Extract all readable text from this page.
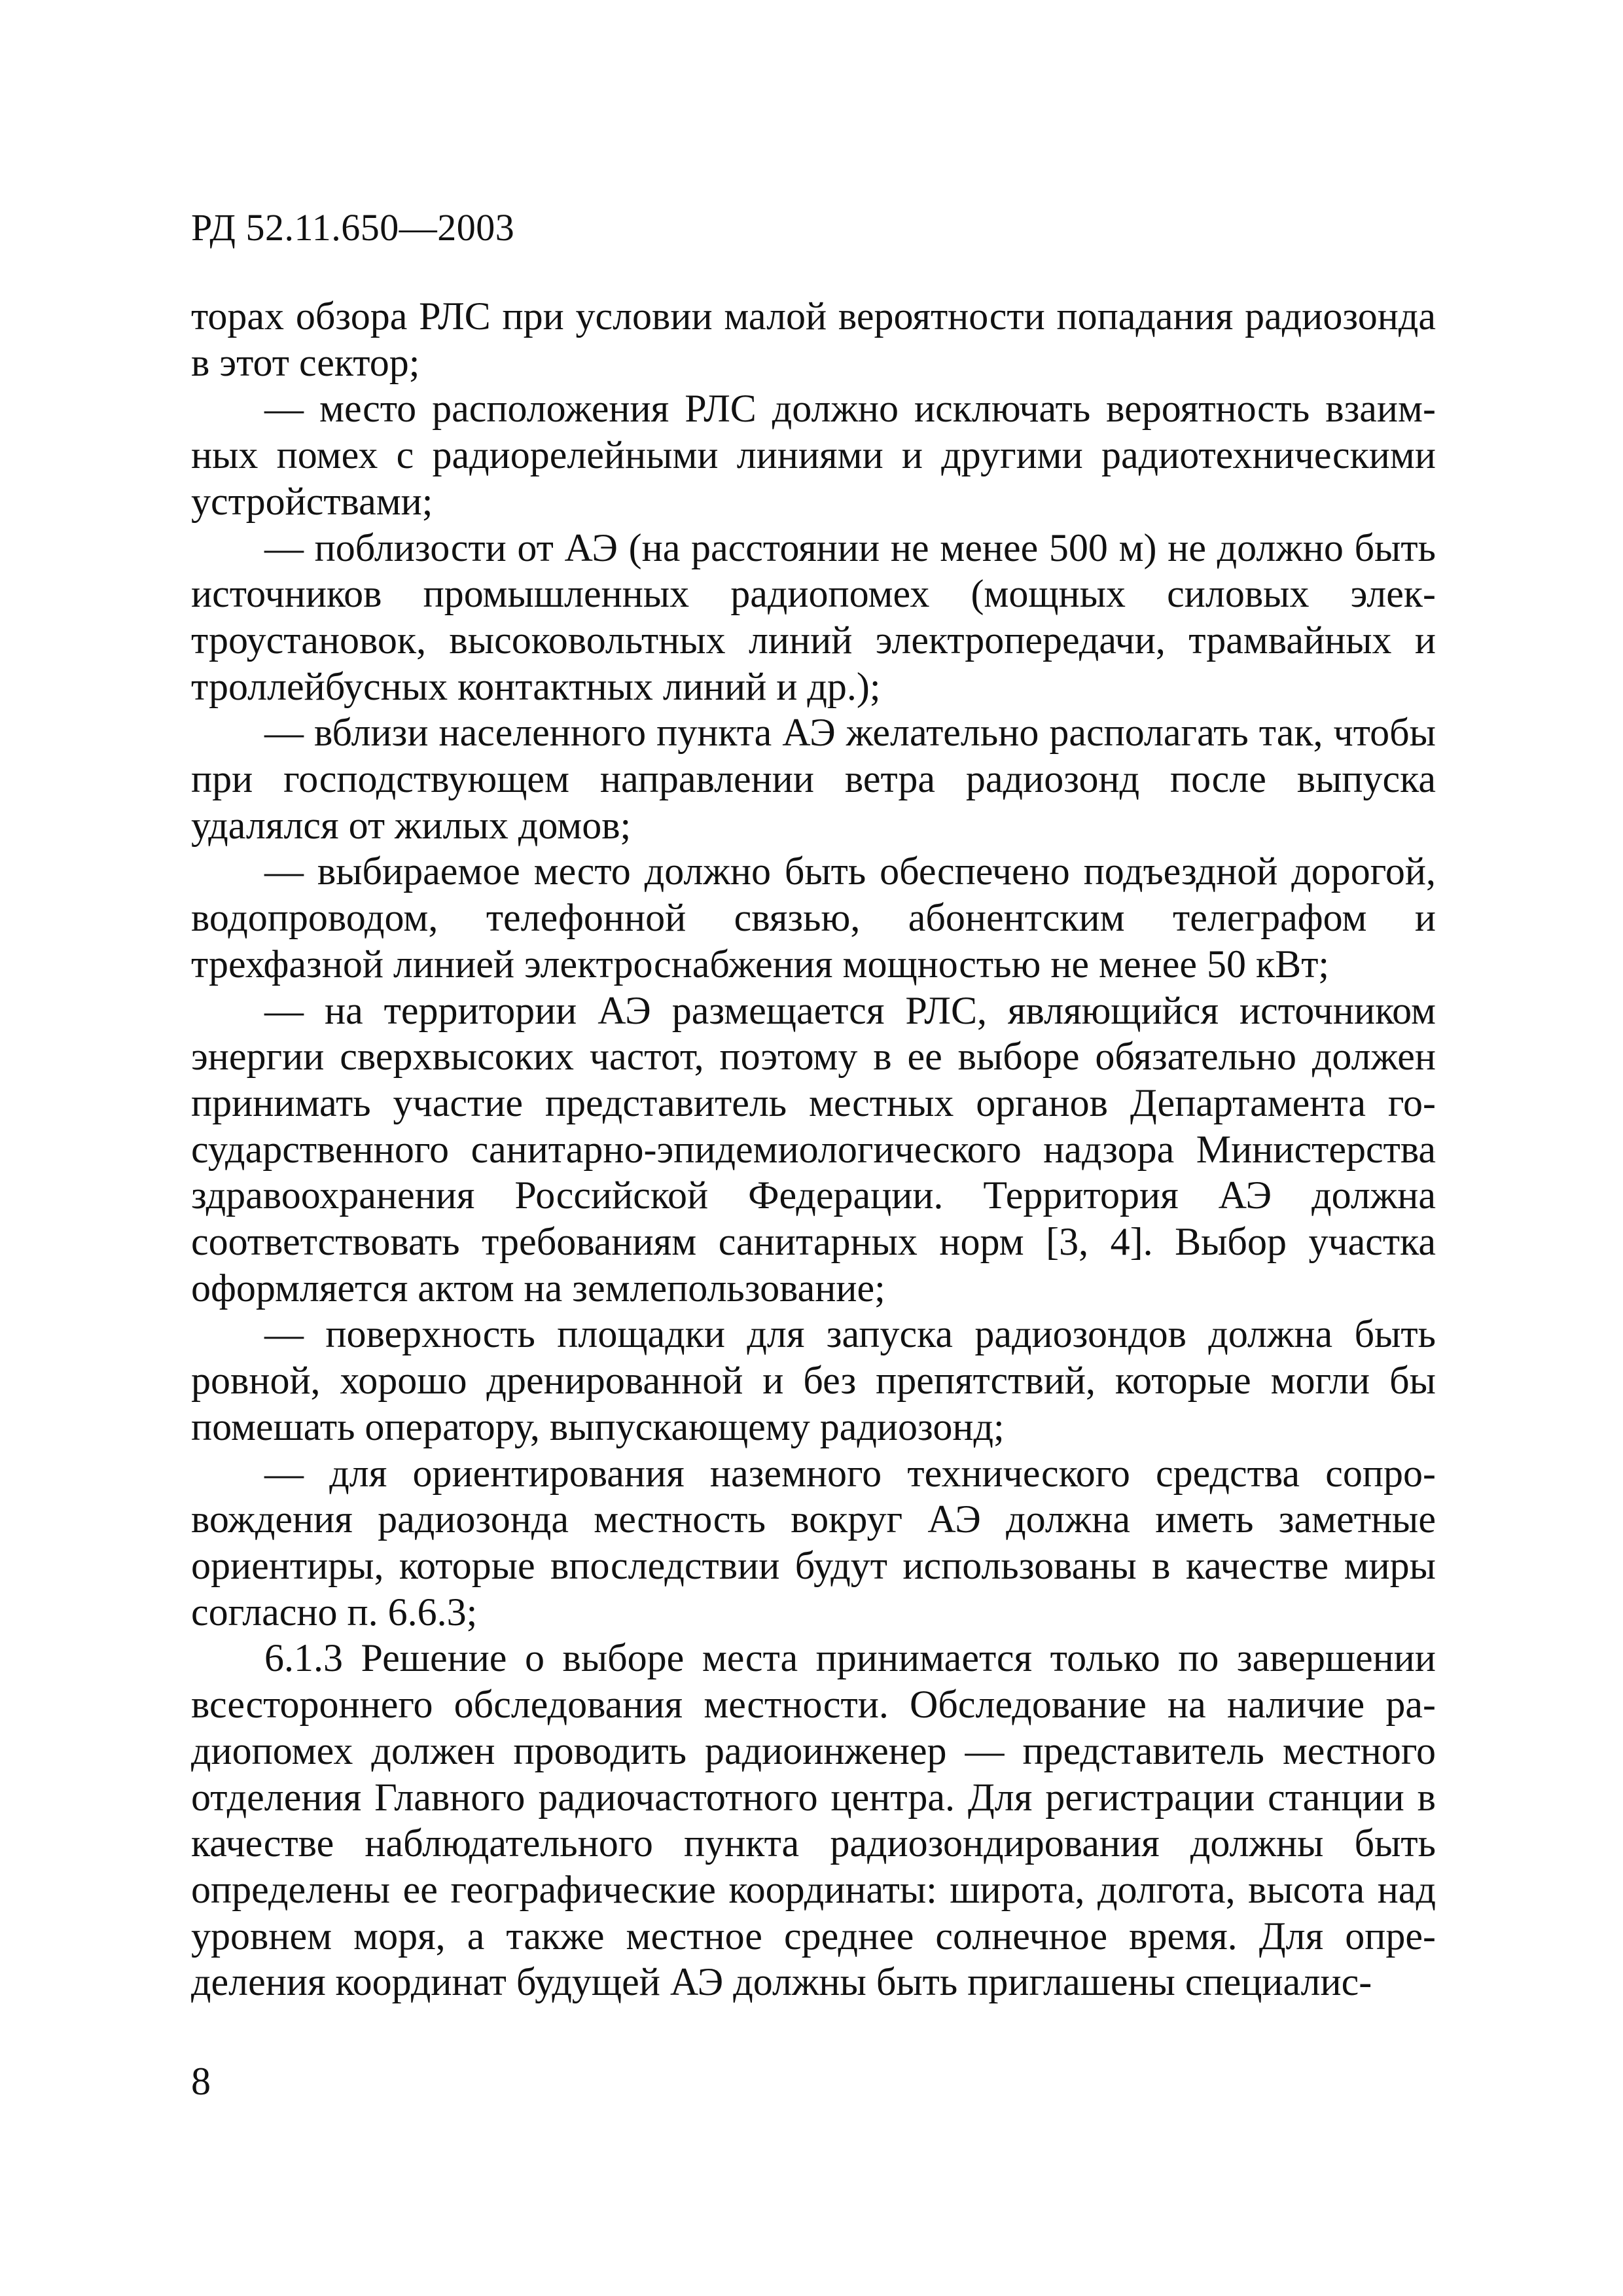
РД 52.11.650—2003

торах обзора РЛС при условии малой вероятности попадания радиозонда в этот сектор;

— место расположения РЛС должно исключать вероятность взаимных помех с радиорелейными линиями и другими радиотехническими устройствами;

— поблизости от АЭ (на расстоянии не менее 500 м) не должно быть источников промышленных радиопомех (мощных силовых электроустановок, высоковольтных линий электропередачи, трамвайных и троллейбусных контактных линий и др.);

— вблизи населенного пункта АЭ желательно располагать так, чтобы при господствующем направлении ветра радиозонд после выпуска удалялся от жилых домов;

— выбираемое место должно быть обеспечено подъездной дорогой, водопроводом, телефонной связью, абонентским телеграфом и трехфазной линией электроснабжения мощностью не менее 50 кВт;

— на территории АЭ размещается РЛС, являющийся источником энергии сверхвысоких частот, поэтому в ее выборе обязательно должен принимать участие представитель местных органов Департамента государственного санитарно-эпидемиологического надзора Министерства здравоохранения Российской Федерации. Территория АЭ должна соответствовать требованиям санитарных норм [3, 4]. Выбор участка оформляется актом на землепользование;

— поверхность площадки для запуска радиозондов должна быть ровной, хорошо дренированной и без препятствий, которые могли бы помешать оператору, выпускающему радиозонд;

— для ориентирования наземного технического средства сопровождения радиозонда местность вокруг АЭ должна иметь заметные ориентиры, которые впоследствии будут использованы в качестве миры согласно п. 6.6.3;

6.1.3 Решение о выборе места принимается только по завершении всестороннего обследования местности. Обследование на наличие радиопомех должен проводить радиоинженер — представитель местного отделения Главного радиочастотного центра. Для регистрации станции в качестве наблюдательного пункта радиозондирования должны быть определены ее географические координаты: широта, долгота, высота над уровнем моря, а также местное среднее солнечное время. Для определения координат будущей АЭ должны быть приглашены специалис-

8
